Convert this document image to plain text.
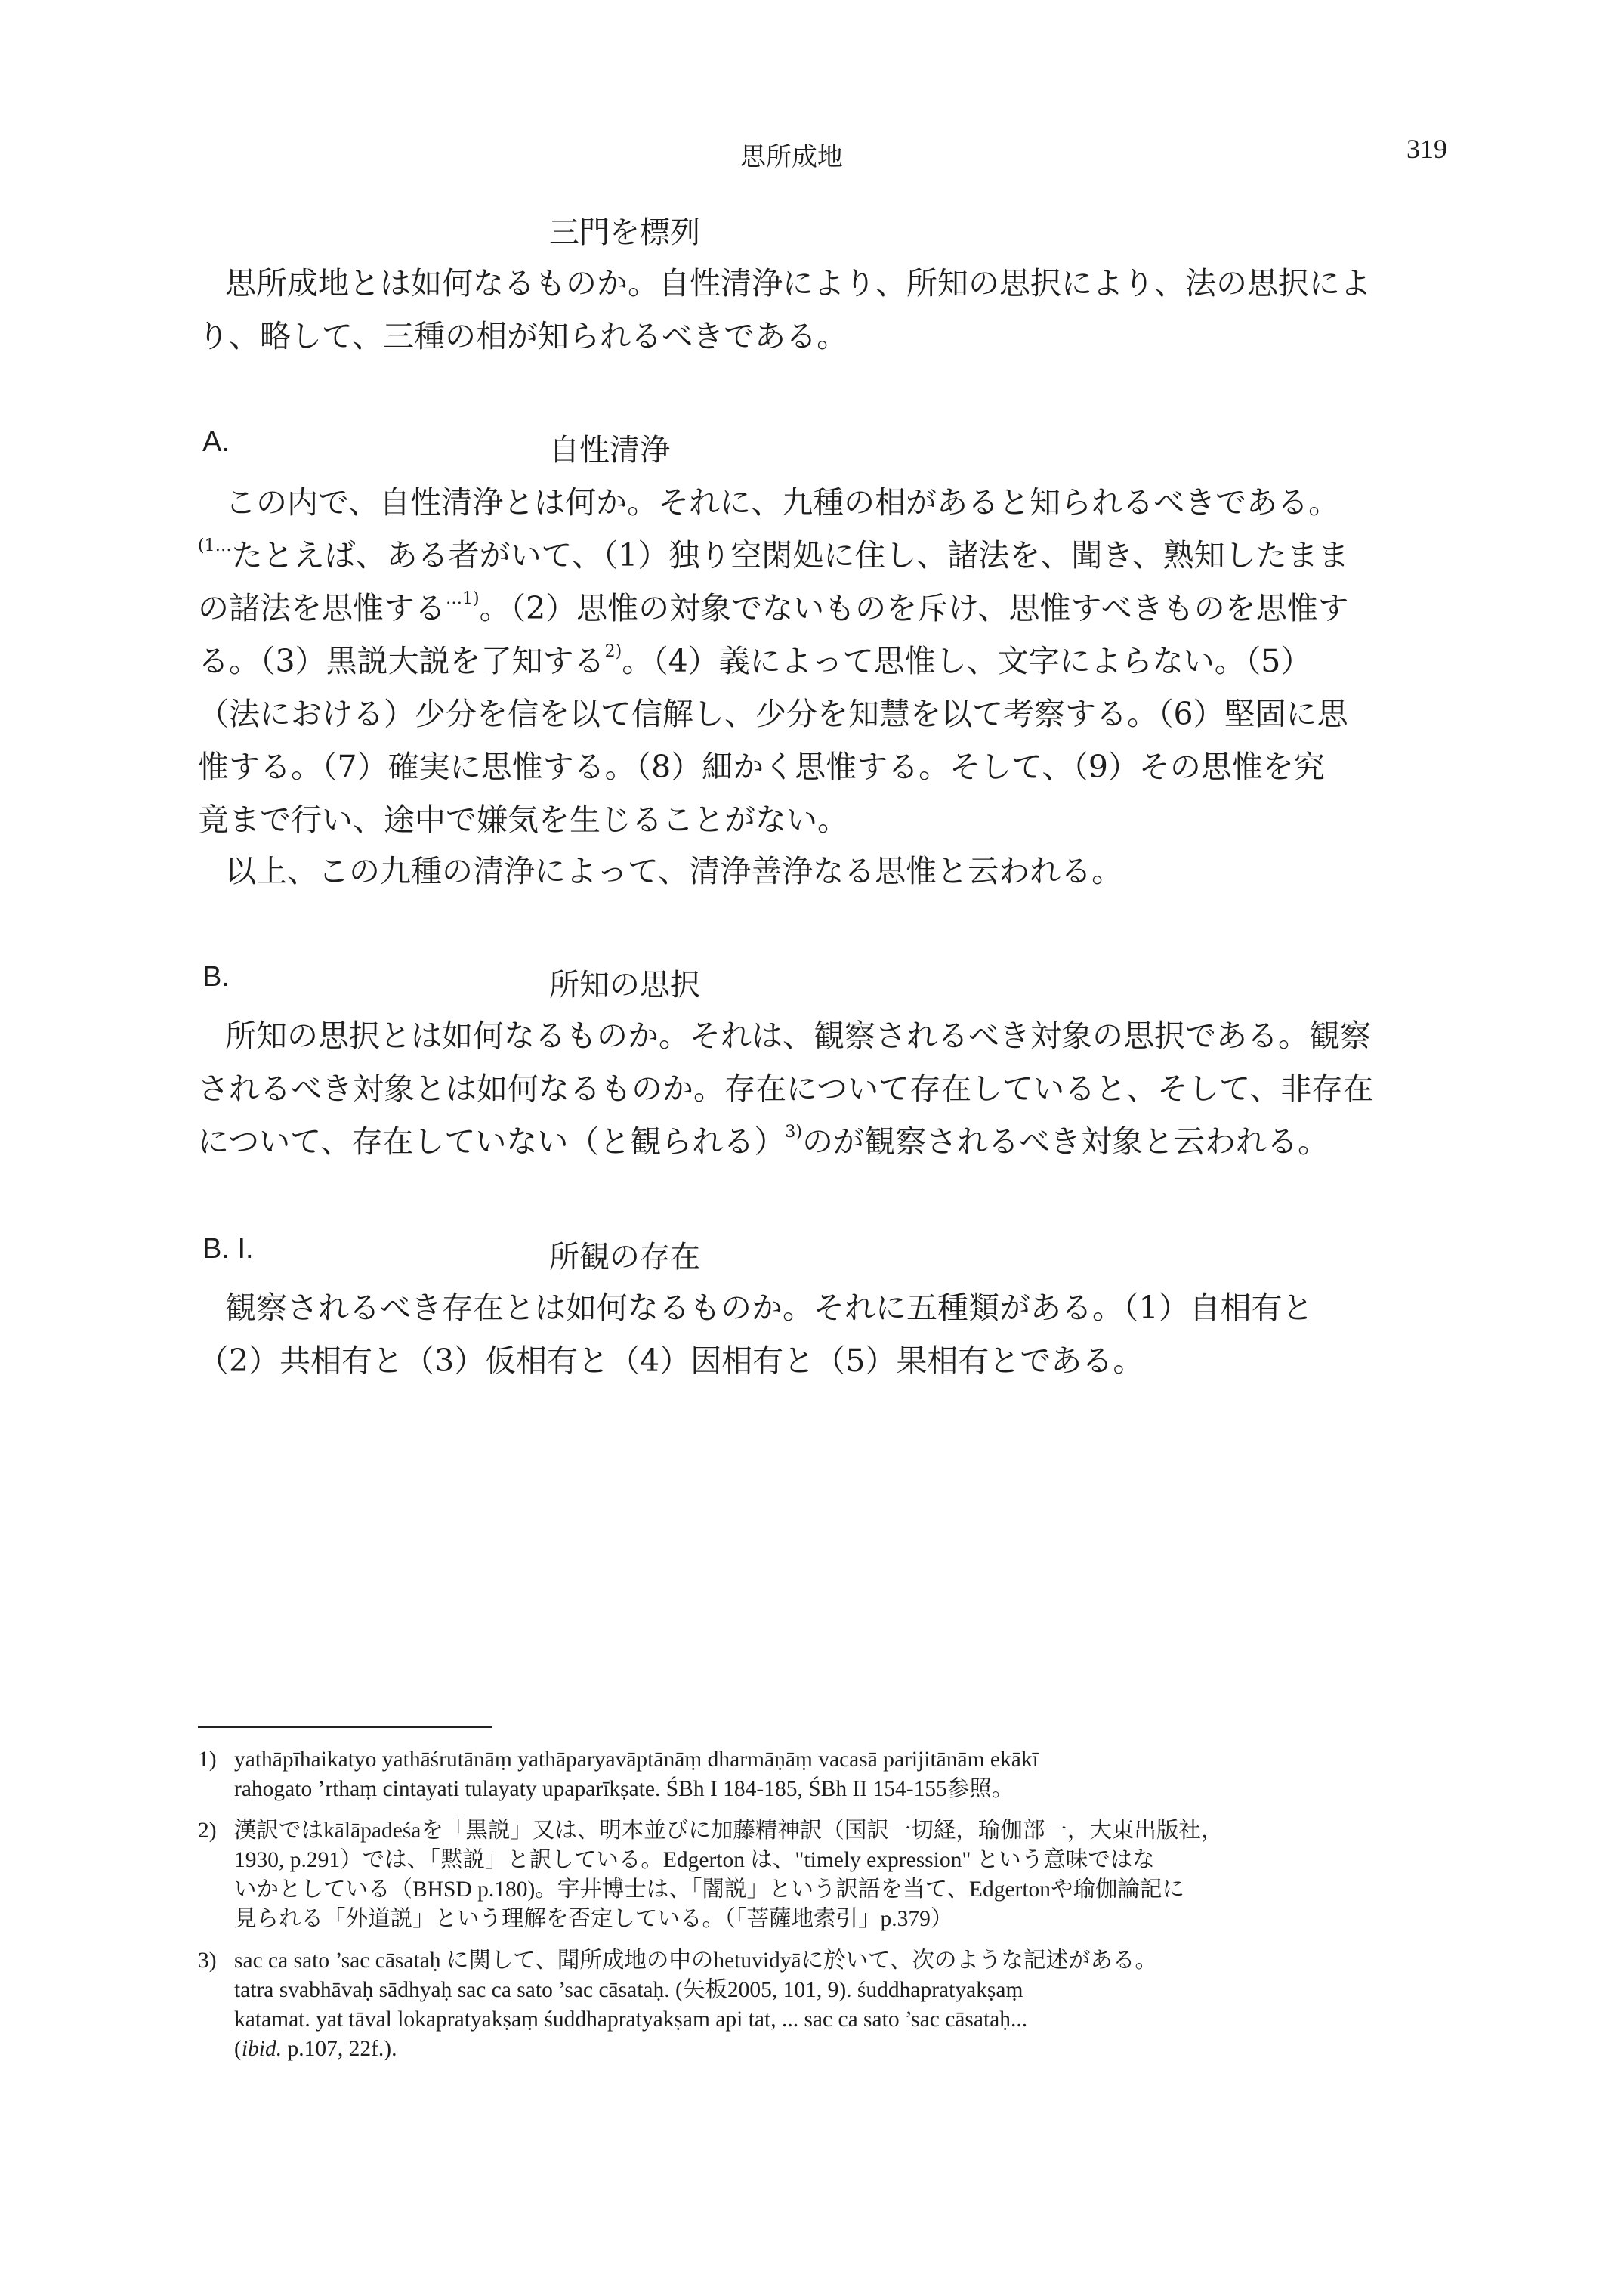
思所成地	319
三門を標列
思所成地とは如何なるものか。自性清浄により、所知の思択により、法の思択によ
り、略して、三種の相が知られるべきである。
A.	自性清浄
この内で、自性清浄とは何か。それに、九種の相があると知られるべきである。
$^{(1\dots}$たとえば、ある者がいて、（1）独り空閑処に住し、諸法を、聞き、熟知したまま
の諸法を思惟する$^{\dots 1)}$。（2）思惟の対象でないものを斥け、思惟すべきものを思惟す
る。（3）黒説大説を了知する$^{2)}$。（4）義によって思惟し、文字によらない。（5）
（法における）少分を信を以て信解し、少分を知慧を以て考察する。（6）堅固に思
惟する。（7）確実に思惟する。（8）細かく思惟する。そして、（9）その思惟を究
竟まで行い、途中で嫌気を生じることがない。
以上、この九種の清浄によって、清浄善浄なる思惟と云われる。
B.	所知の思択
所知の思択とは如何なるものか。それは、観察されるべき対象の思択である。観察
されるべき対象とは如何なるものか。存在について存在していると、そして、非存在
について、存在していない（と観られる）$^{3)}$のが観察されるべき対象と云われる。
B. I.	所観の存在
観察されるべき存在とは如何なるものか。それに五種類がある。（1）自相有と
（2）共相有と（3）仮相有と（4）因相有と（5）果相有とである。
1) yathāpīhaikatyo yathāśrutānāṃ yathāparyavāptānāṃ dharmāṇāṃ vacasā parijitānām ekākī
rahogato ’rthaṃ cintayati tulayaty upaparīkṣate. ŚBh I 184-185, ŚBh II 154-155参照。
2) 漢訳ではkālāpadeśaを「黒説」又は、明本並びに加藤精神訳（国訳一切経，瑜伽部一，大東出版社，
1930, p.291）では、「黙説」と訳している。Edgerton は、"timely expression" という意味ではな
いかとしている（BHSD p.180)。宇井博士は、「闇説」という訳語を当て、Edgertonや瑜伽論記に
見られる「外道説」という理解を否定している。（「菩薩地索引」p.379）
3) sac ca sato ’sac cāsataḥ に関して、聞所成地の中のhetuvidyāに於いて、次のような記述がある。
tatra svabhāvaḥ sādhyaḥ sac ca sato ’sac cāsataḥ. (矢板2005, 101, 9). śuddhapratyakṣaṃ
katamat. yat tāval lokapratyakṣaṃ śuddhapratyakṣam api tat, ... sac ca sato ’sac cāsataḥ...
(ibid. p.107, 22f.).
